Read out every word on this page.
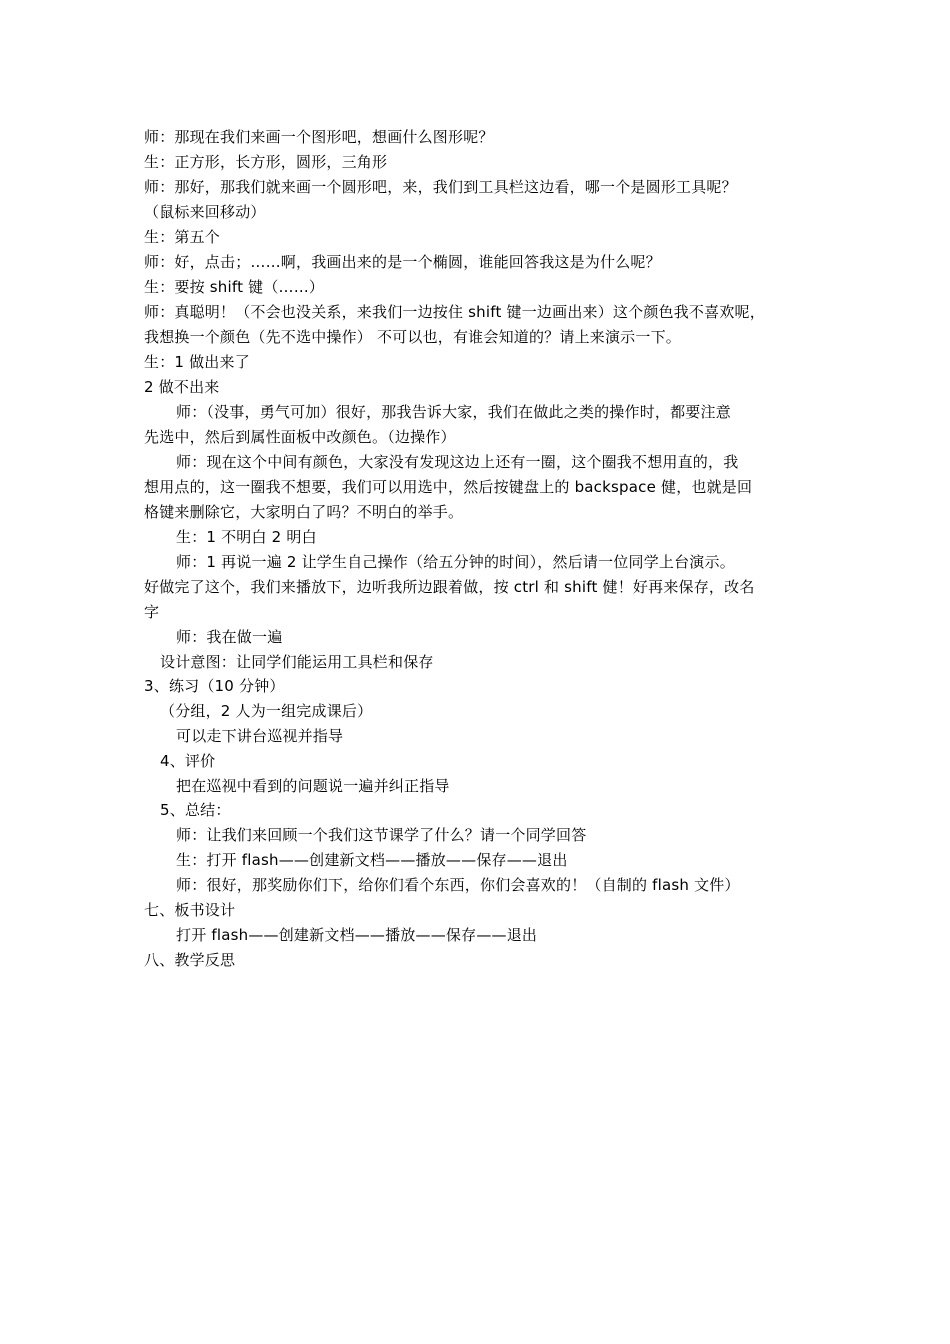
师：那现在我们来画一个图形吧，想画什么图形呢？
生：正方形，长方形，圆形，三角形
师：那好，那我们就来画一个圆形吧，来，我们到工具栏这边看，哪一个是圆形工具呢？
（鼠标来回移动）
生：第五个
师：好，点击；……啊，我画出来的是一个椭圆，谁能回答我这是为什么呢？
生：要按 shift 键（……）
师：真聪明！（不会也没关系，来我们一边按住 shift 键一边画出来）这个颜色我不喜欢呢，
我想换一个颜色（先不选中操作） 不可以也，有谁会知道的？请上来演示一下。
生：1 做出来了
2 做不出来
师：（没事，勇气可加）很好，那我告诉大家，我们在做此之类的操作时，都要注意
先选中，然后到属性面板中改颜色。（边操作）
师：现在这个中间有颜色，大家没有发现这边上还有一圈，这个圈我不想用直的，我
想用点的，这一圈我不想要，我们可以用选中，然后按键盘上的 backspace 健，也就是回
格键来删除它，大家明白了吗？不明白的举手。
生：1 不明白 2 明白
师：1 再说一遍 2 让学生自己操作（给五分钟的时间），然后请一位同学上台演示。
好做完了这个，我们来播放下，边听我所边跟着做，按 ctrl 和 shift 健！好再来保存，改名
字
师：我在做一遍
设计意图：让同学们能运用工具栏和保存
3、练习（10 分钟）
（分组，2 人为一组完成课后）
可以走下讲台巡视并指导
4、评价
把在巡视中看到的问题说一遍并纠正指导
5、总结：
师：让我们来回顾一个我们这节课学了什么？请一个同学回答
生：打开 flash——创建新文档——播放——保存——退出
师：很好，那奖励你们下，给你们看个东西，你们会喜欢的！（自制的 flash 文件）
七、板书设计
打开 flash——创建新文档——播放——保存——退出
八、教学反思
